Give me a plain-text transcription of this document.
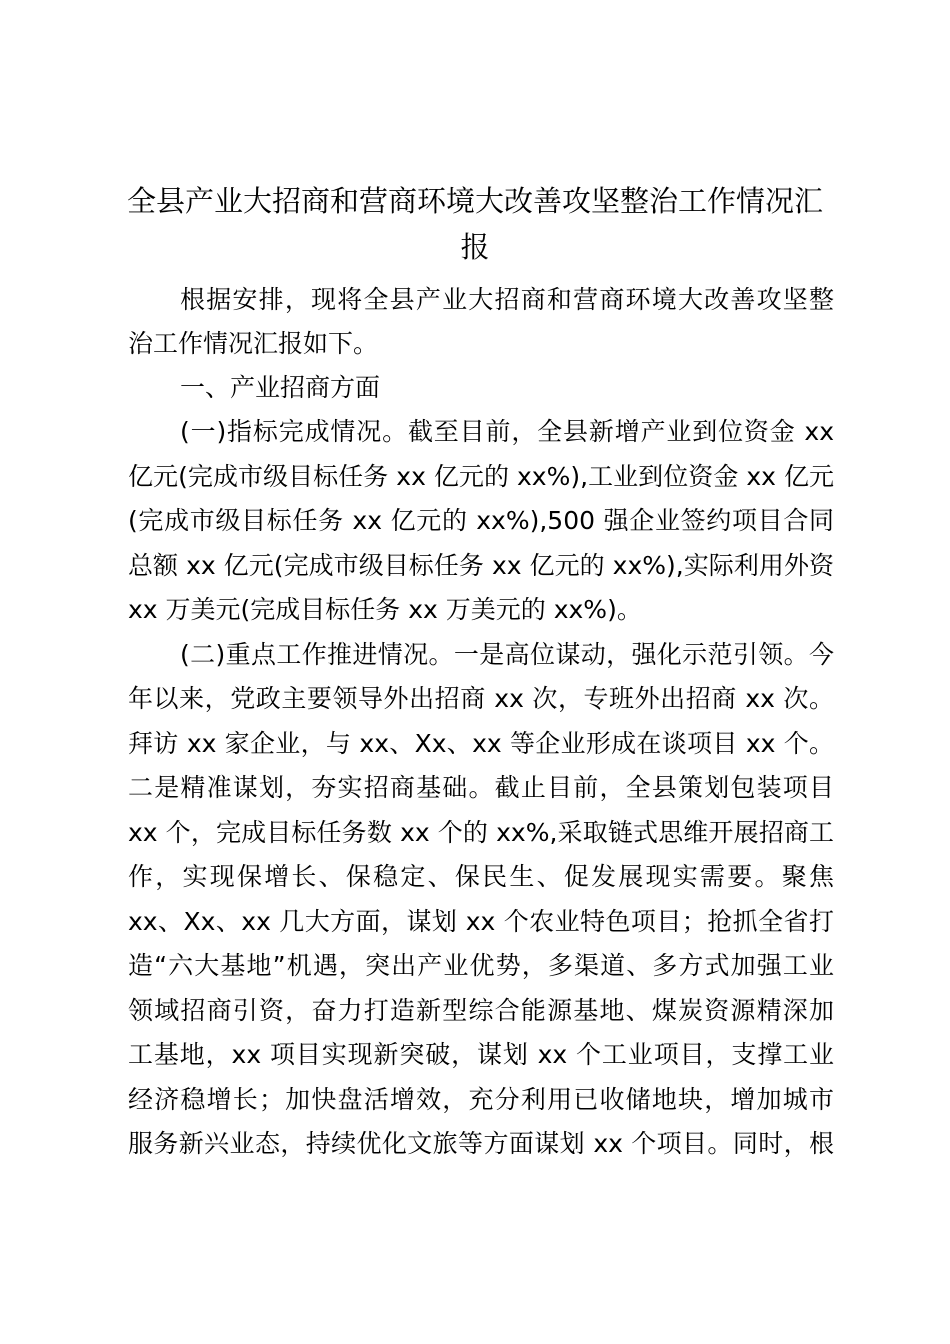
全县产业大招商和营商环境大改善攻坚整治工作情况汇
报

根据安排，现将全县产业大招商和营商环境大改善攻坚整

治工作情况汇报如下。

一、产业招商方面

(一)指标完成情况。截至目前，全县新增产业到位资金 xx

亿元(完成市级目标任务 xx 亿元的 xx%),工业到位资金 xx 亿元

(完成市级目标任务 xx 亿元的 xx%),500 强企业签约项目合同

总额 xx 亿元(完成市级目标任务 xx 亿元的 xx%),实际利用外资

xx 万美元(完成目标任务 xx 万美元的 xx%)。

(二)重点工作推进情况。一是高位谋动，强化示范引领。今

年以来，党政主要领导外出招商 xx 次，专班外出招商 xx 次。

拜访 xx 家企业，与 xx、Xx、xx 等企业形成在谈项目 xx 个。

二是精准谋划，夯实招商基础。截止目前，全县策划包装项目

xx 个，完成目标任务数 xx 个的 xx%,采取链式思维开展招商工

作，实现保增长、保稳定、保民生、促发展现实需要。聚焦

xx、Xx、xx 几大方面，谋划 xx 个农业特色项目；抢抓全省打

造“六大基地”机遇，突出产业优势，多渠道、多方式加强工业

领域招商引资，奋力打造新型综合能源基地、煤炭资源精深加

工基地，xx 项目实现新突破，谋划 xx 个工业项目，支撑工业

经济稳增长；加快盘活增效，充分利用已收储地块，增加城市

服务新兴业态，持续优化文旅等方面谋划 xx 个项目。同时，根
